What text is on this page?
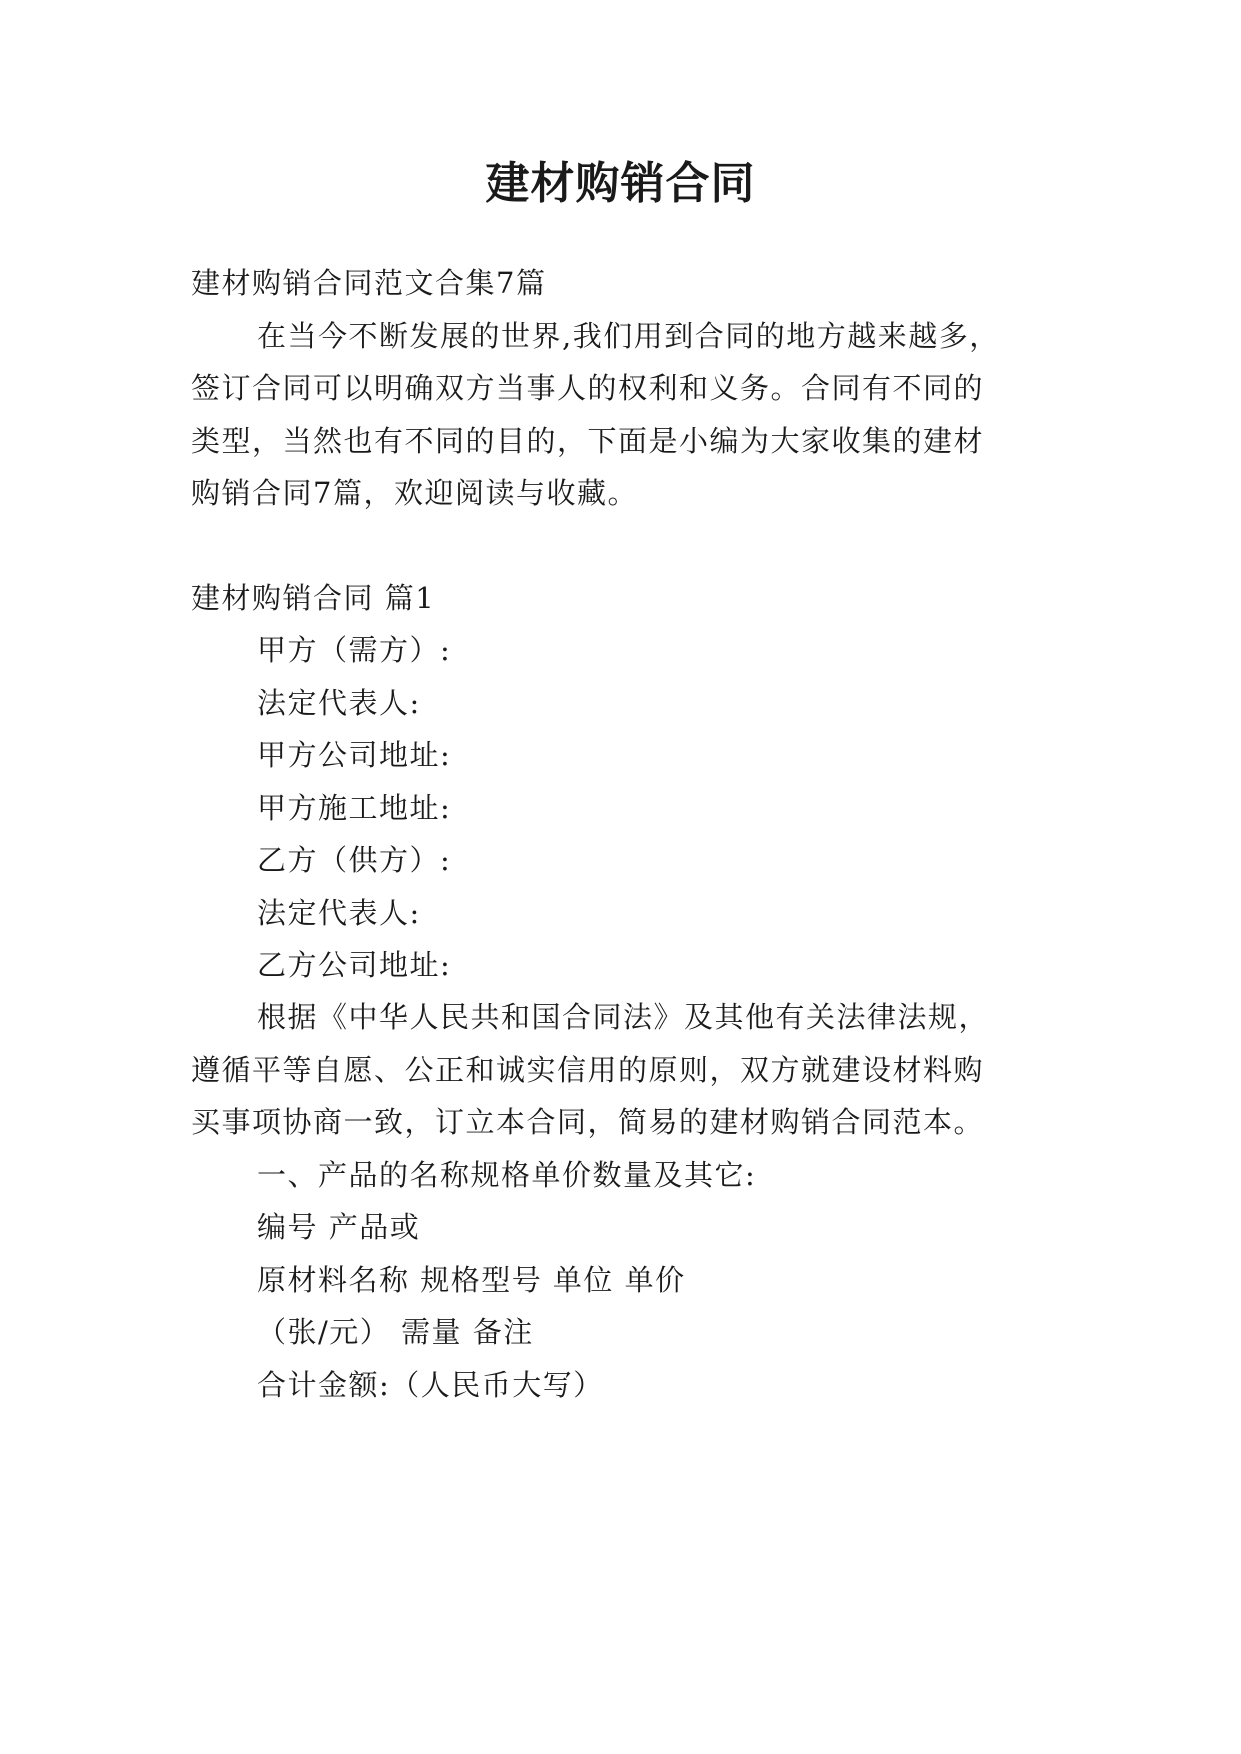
建材购销合同
建材购销合同范文合集7篇
在当今不断发展的世界,我们用到合同的地方越来越多，
签订合同可以明确双方当事人的权利和义务。合同有不同的
类型，当然也有不同的目的，下面是小编为大家收集的建材
购销合同7篇，欢迎阅读与收藏。
建材购销合同 篇1
甲方（需方）:
法定代表人:
甲方公司地址:
甲方施工地址:
乙方（供方）:
法定代表人:
乙方公司地址:
根据《中华人民共和国合同法》及其他有关法律法规，
遵循平等自愿、公正和诚实信用的原则，双方就建设材料购
买事项协商一致，订立本合同，简易的建材购销合同范本。
一、产品的名称规格单价数量及其它:
编号 产品或
原材料名称 规格型号 单位 单价
（张/元） 需量 备注
合计金额:（人民币大写）
